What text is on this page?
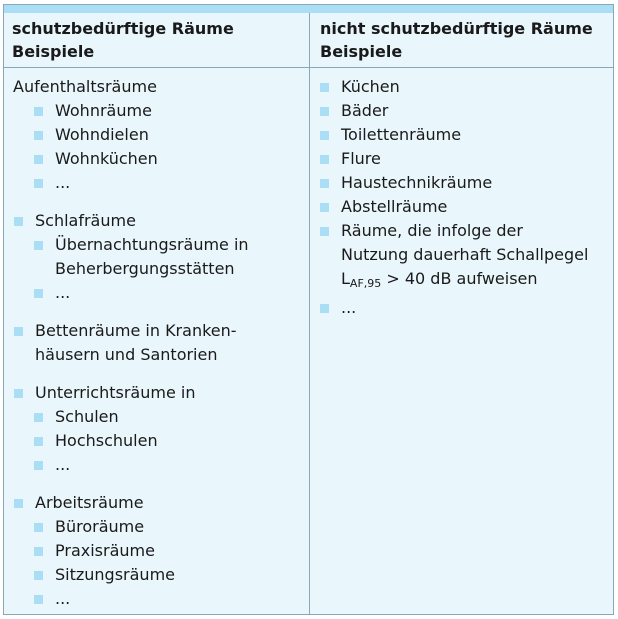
schutzbedürftige Räume
Beispiele
nicht schutzbedürftige Räume
Beispiele
Aufenthaltsräume
Wohnräume
Wohndielen
Wohnküchen
...
Schlafräume
Übernachtungsräume in
Beherbergungsstätten
...
Bettenräume in Kranken-
häusern und Santorien
Unterrichtsräume in
Schulen
Hochschulen
...
Arbeitsräume
Büroräume
Praxisräume
Sitzungsräume
...
Küchen
Bäder
Toilettenräume
Flure
Haustechnikräume
Abstellräume
Räume, die infolge der
Nutzung dauerhaft Schallpegel
LAF,95 > 40 dB aufweisen
...
